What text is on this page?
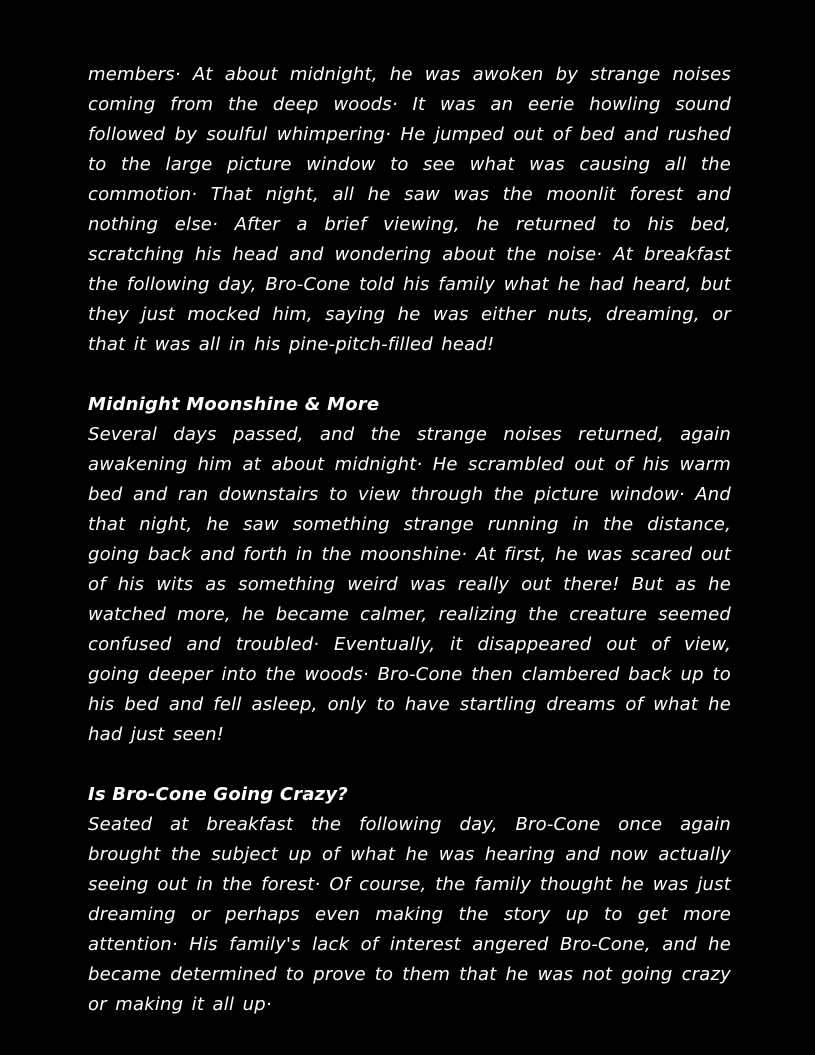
members· At about midnight, he was awoken by strange noises coming from the deep woods· It was an eerie howling sound followed by soulful whimpering· He jumped out of bed and rushed to the large picture window to see what was causing all the commotion· That night, all he saw was the moonlit forest and nothing else· After a brief viewing, he returned to his bed, scratching his head and wondering about the noise· At breakfast the following day, Bro-Cone told his family what he had heard, but they just mocked him, saying he was either nuts, dreaming, or that it was all in his pine-pitch-filled head!

Midnight Moonshine & More

Several days passed, and the strange noises returned, again awakening him at about midnight· He scrambled out of his warm bed and ran downstairs to view through the picture window· And that night, he saw something strange running in the distance, going back and forth in the moonshine· At first, he was scared out of his wits as something weird was really out there! But as he watched more, he became calmer, realizing the creature seemed confused and troubled· Eventually, it disappeared out of view, going deeper into the woods· Bro-Cone then clambered back up to his bed and fell asleep, only to have startling dreams of what he had just seen!

Is Bro-Cone Going Crazy?

Seated at breakfast the following day, Bro-Cone once again brought the subject up of what he was hearing and now actually seeing out in the forest· Of course, the family thought he was just dreaming or perhaps even making the story up to get more attention· His family's lack of interest angered Bro-Cone, and he became determined to prove to them that he was not going crazy or making it all up·
